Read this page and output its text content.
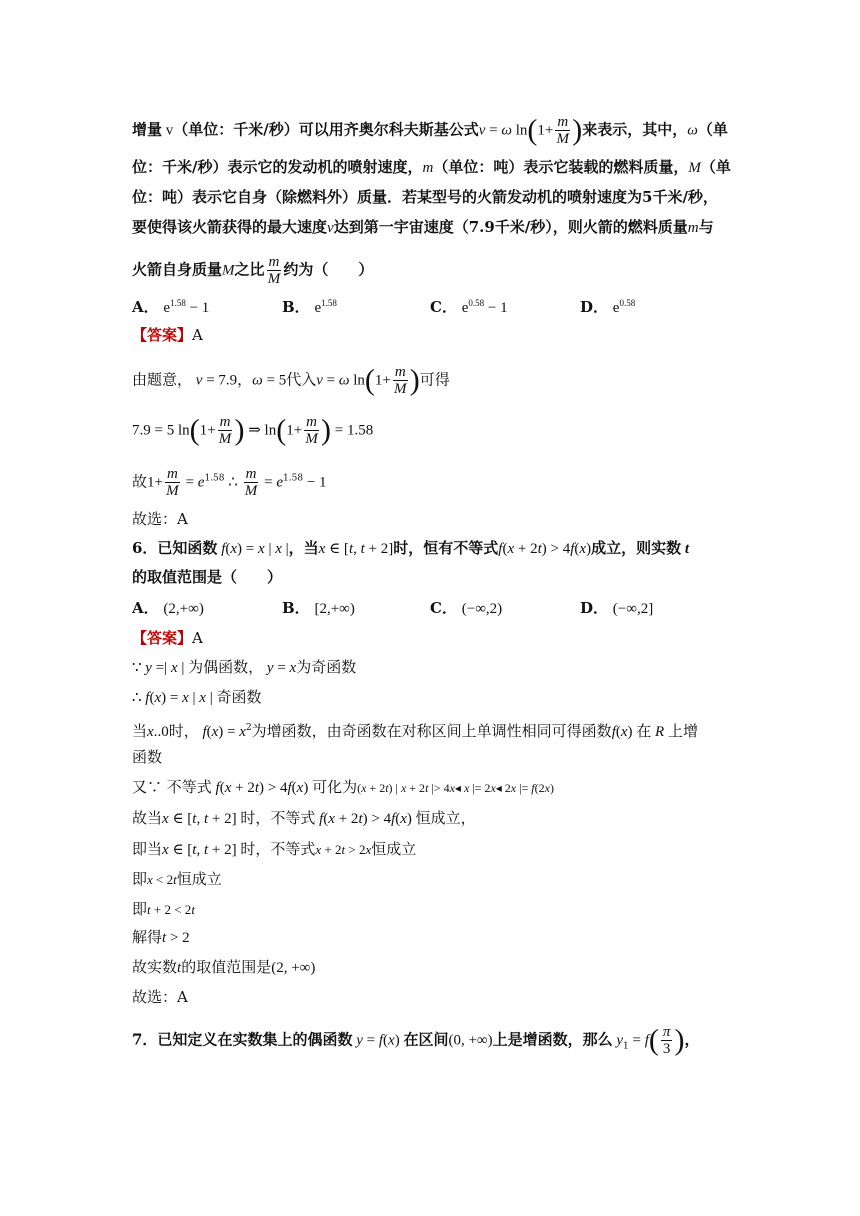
增量 v（单位：千米/秒）可以用齐奥尔科夫斯基公式v = ω $\ln(1+ \frac{m}{M}$ )来表示，其中，ω（单
位：千米/秒）表示它的发动机的喷射速度，m（单位：吨）表示它装载的燃料质量，M（单
位：吨）表示它自身（除燃料外）质量．若某型号的火箭发动机的喷射速度为5千米/秒，
要使得该火箭获得的最大速度v达到第一宇宙速度（7.9千米/秒），则火箭的燃料质量m与
火箭自身质量M之比 $\frac{m}{M}$ 约为（　　）
A． $e^{1.58} - 1$	B． $e^{1.58}$	C． $e^{0.58} - 1$	D． $e^{0.58}$
【答案】A
由题意， v = 7.9，ω = 5代入v = ω $\ln(1+ \frac{m}{M}$ )可得
7.9 = 5 $\ln(1+ \frac{m}{M}$ ) ⇒ $\ln(1+ \frac{m}{M}$ ) = 1.58
故$1+ \frac{m}{M} = e^{1.58}$ ∴ $\frac{m}{M} = e^{1.58} - 1$
故选：A
6．已知函数 f(x) = x | x |，当x ∈ [t, t + 2]时，恒有不等式f(x + 2t) > 4f(x)成立，则实数 t
的取值范围是（　　）
A． (2,+∞)	B． [2,+∞)	C． (−∞,2)	D． (−∞,2]
【答案】A
∵ y =| x | 为偶函数， y = x为奇函数
∴ f(x) = x | x | 奇函数
当x..0时， $f(x) = x^2$为增函数，由奇函数在对称区间上单调性相同可得函数f(x) 在 R 上增
函数
又∵ 不等式 f(x + 2t) > 4f(x) 可化为(x + 2t) | x + 2t |> 4x◂ x |= 2x◂ 2x |= f(2x)
故当x ∈ [t, t + 2] 时，不等式 f(x + 2t) > 4f(x) 恒成立，
即当x ∈ [t, t + 2] 时，不等式x + 2t > 2x恒成立
即x < 2t恒成立
即t + 2 < 2t
解得t > 2
故实数t的取值范围是(2, +∞)
故选：A
7．已知定义在实数集上的偶函数 y = f(x) 在区间(0, +∞)上是增函数，那么 $y_1 = f( \frac{\pi}{3}$ )，
